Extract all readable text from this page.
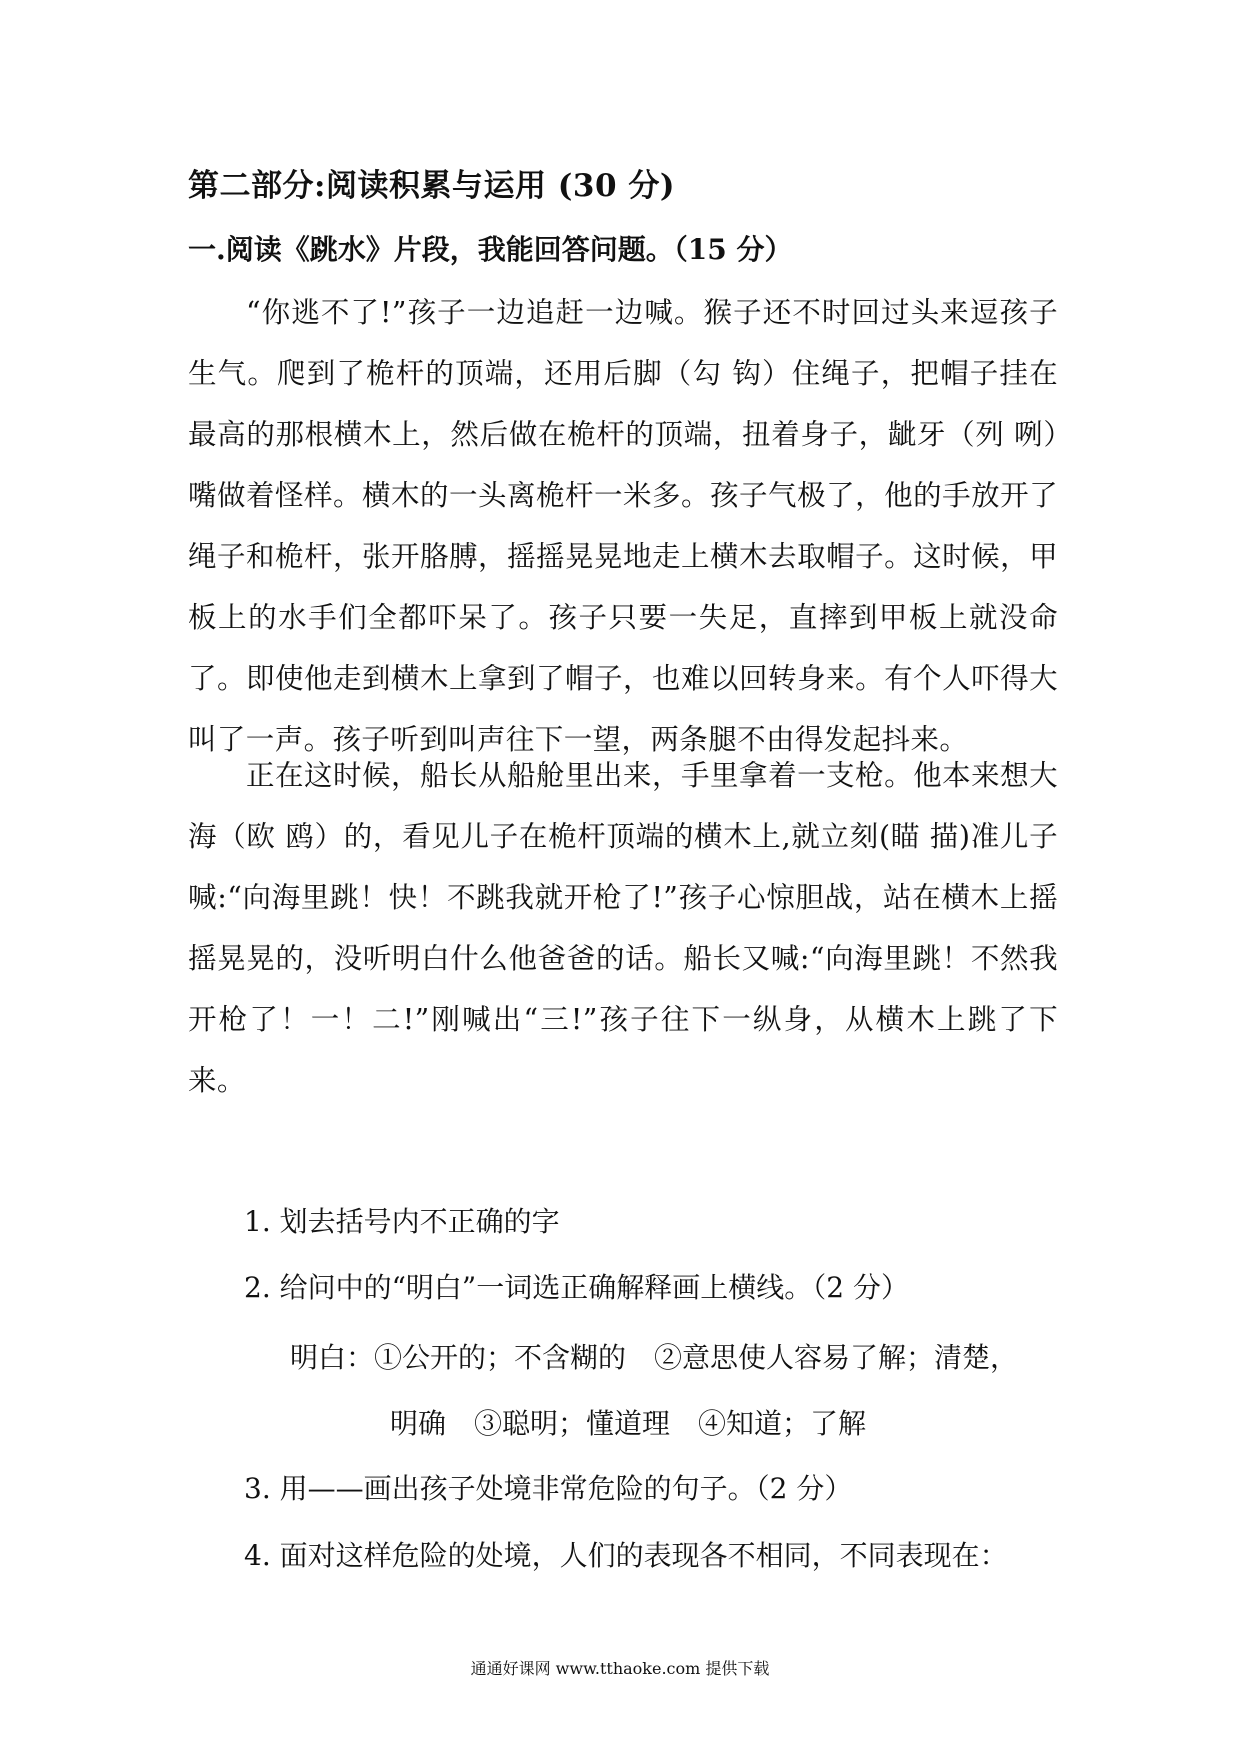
第二部分:阅读积累与运用 (30 分)
一.阅读《跳水》片段，我能回答问题。（15 分）
“你逃不了!”孩子一边追赶一边喊。猴子还不时回过头来逗孩子生气。爬到了桅杆的顶端，还用后脚（勾 钩）住绳子，把帽子挂在最高的那根横木上，然后做在桅杆的顶端，扭着身子，龇牙（列 咧）嘴做着怪样。横木的一头离桅杆一米多。孩子气极了，他的手放开了绳子和桅杆，张开胳膊，摇摇晃晃地走上横木去取帽子。这时候，甲板上的水手们全都吓呆了。孩子只要一失足，直摔到甲板上就没命了。即使他走到横木上拿到了帽子，也难以回转身来。有个人吓得大叫了一声。孩子听到叫声往下一望，两条腿不由得发起抖来。
正在这时候，船长从船舱里出来，手里拿着一支枪。他本来想大海（欧 鸥）的，看见儿子在桅杆顶端的横木上,就立刻(瞄 描)准儿子喊:“向海里跳！快！不跳我就开枪了!”孩子心惊胆战，站在横木上摇摇晃晃的，没听明白什么他爸爸的话。船长又喊:“向海里跳！不然我开枪了！一！二!”刚喊出“三!”孩子往下一纵身，从横木上跳了下来。
1. 划去括号内不正确的字
2. 给问中的“明白”一词选正确解释画上横线。（2 分）
明白：①公开的；不含糊的　②意思使人容易了解；清楚，
明确　③聪明；懂道理　④知道；了解
3. 用——画出孩子处境非常危险的句子。（2 分）
4. 面对这样危险的处境，人们的表现各不相同，不同表现在：
通通好课网 www.tthaoke.com 提供下载
